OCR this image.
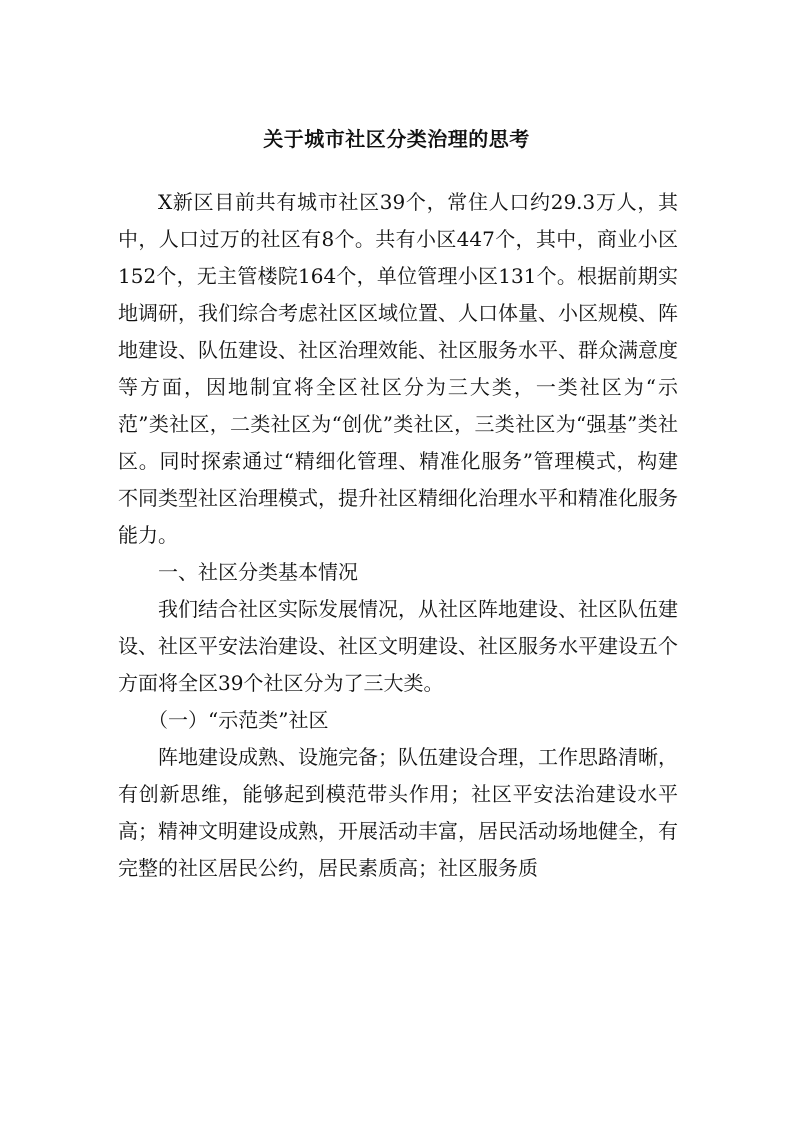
关于城市社区分类治理的思考

X新区目前共有城市社区39个，常住人口约29.3万人，其中，人口过万的社区有8个。共有小区447个，其中，商业小区152个，无主管楼院164个，单位管理小区131个。根据前期实地调研，我们综合考虑社区区域位置、人口体量、小区规模、阵地建设、队伍建设、社区治理效能、社区服务水平、群众满意度等方面，因地制宜将全区社区分为三大类，一类社区为“示范”类社区，二类社区为“创优”类社区，三类社区为“强基”类社区。同时探索通过“精细化管理、精准化服务”管理模式，构建不同类型社区治理模式，提升社区精细化治理水平和精准化服务能力。

一、社区分类基本情况

我们结合社区实际发展情况，从社区阵地建设、社区队伍建设、社区平安法治建设、社区文明建设、社区服务水平建设五个方面将全区39个社区分为了三大类。

（一）“示范类”社区

阵地建设成熟、设施完备；队伍建设合理，工作思路清晰，有创新思维，能够起到模范带头作用；社区平安法治建设水平高；精神文明建设成熟，开展活动丰富，居民活动场地健全，有完整的社区居民公约，居民素质高；社区服务质
